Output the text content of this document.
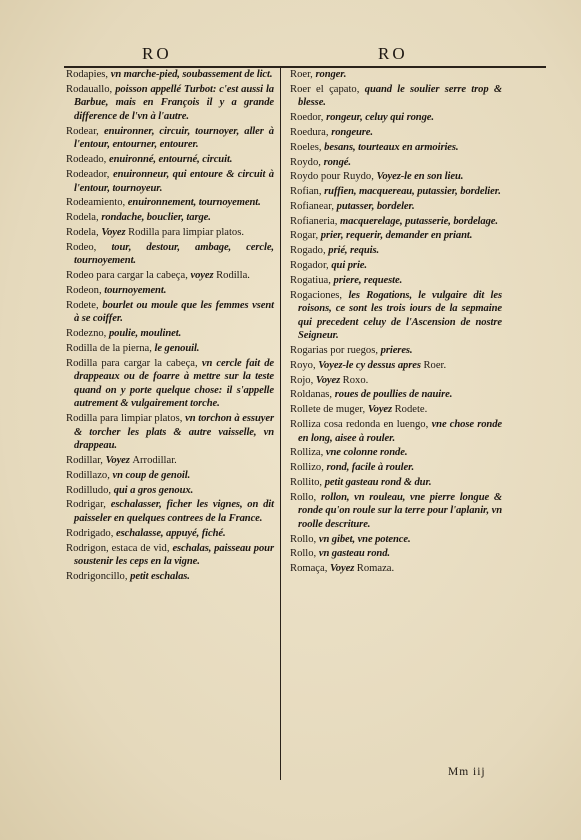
RO	RO

Rodapies, vn marche-pied, soubassement de lict.

Rodauallo, poisson appellé Turbot: c'est aussi la Barbue, mais en François il y a grande difference de l'vn à l'autre.

Rodear, enuironner, circuir, tournoyer, aller à l'entour, entourner, entourer.

Rodeado, enuironné, entourné, circuit.

Rodeador, enuironneur, qui entoure & circuit à l'entour, tournoyeur.

Rodeamiento, enuironnement, tournoyement.

Rodela, rondache, bouclier, targe.

Rodela, Voyez Rodilla para limpiar platos.

Rodeo, tour, destour, ambage, cercle, tournoyement.

Rodeo para cargar la cabeça, voyez Rodilla.

Rodeon, tournoyement.

Rodete, bourlet ou moule que les femmes vsent à se coiffer.

Rodezno, poulie, moulinet.

Rodilla de la pierna, le genouil.

Rodilla para cargar la cabeça, vn cercle fait de drappeaux ou de foarre à mettre sur la teste quand on y porte quelque chose: il s'appelle autrement & vulgairement torche.

Rodilla para limpiar platos, vn torchon à essuyer & torcher les plats & autre vaisselle, vn drappeau.

Rodillar, Voyez Arrodillar.

Rodillazo, vn coup de genoil.

Rodilludo, qui a gros genoux.

Rodrigar, eschalasser, ficher les vignes, on dit paisseler en quelques contrees de la France.

Rodrigado, eschalasse, appuyé, fiché.

Rodrigon, estaca de vid, eschalas, paisseau pour soustenir les ceps en la vigne.

Rodrigoncillo, petit eschalas.

Roer, ronger.

Roer el çapato, quand le soulier serre trop & blesse.

Roedor, rongeur, celuy qui ronge.

Roedura, rongeure.

Roeles, besans, tourteaux en armoiries.

Roydo, rongé.

Roydo pour Ruydo, Voyez-le en son lieu.

Rofian, ruffien, macquereau, putassier, bordelier.

Rofianear, putasser, bordeler.

Rofianeria, macquerelage, putasserie, bordelage.

Rogar, prier, requerir, demander en priant.

Rogado, prié, requis.

Rogador, qui prie.

Rogatiua, priere, requeste.

Rogaciones, les Rogations, le vulgaire dit les roisons, ce sont les trois iours de la sepmaine qui precedent celuy de l'Ascension de nostre Seigneur.

Rogarias por ruegos, prieres.

Royo, Voyez-le cy dessus apres Roer.

Rojo, Voyez Roxo.

Roldanas, roues de poullies de nauire.

Rollete de muger, Voyez Rodete.

Rolliza cosa redonda en luengo, vne chose ronde en long, aisee à rouler.

Rolliza, vne colonne ronde.

Rollizo, rond, facile à rouler.

Rollito, petit gasteau rond & dur.

Rollo, rollon, vn rouleau, vne pierre longue & ronde qu'on roule sur la terre pour l'aplanir, vn roolle descriture.

Rollo, vn gibet, vne potence.

Rollo, vn gasteau rond.

Romaça, Voyez Romaza.

Mm iij
